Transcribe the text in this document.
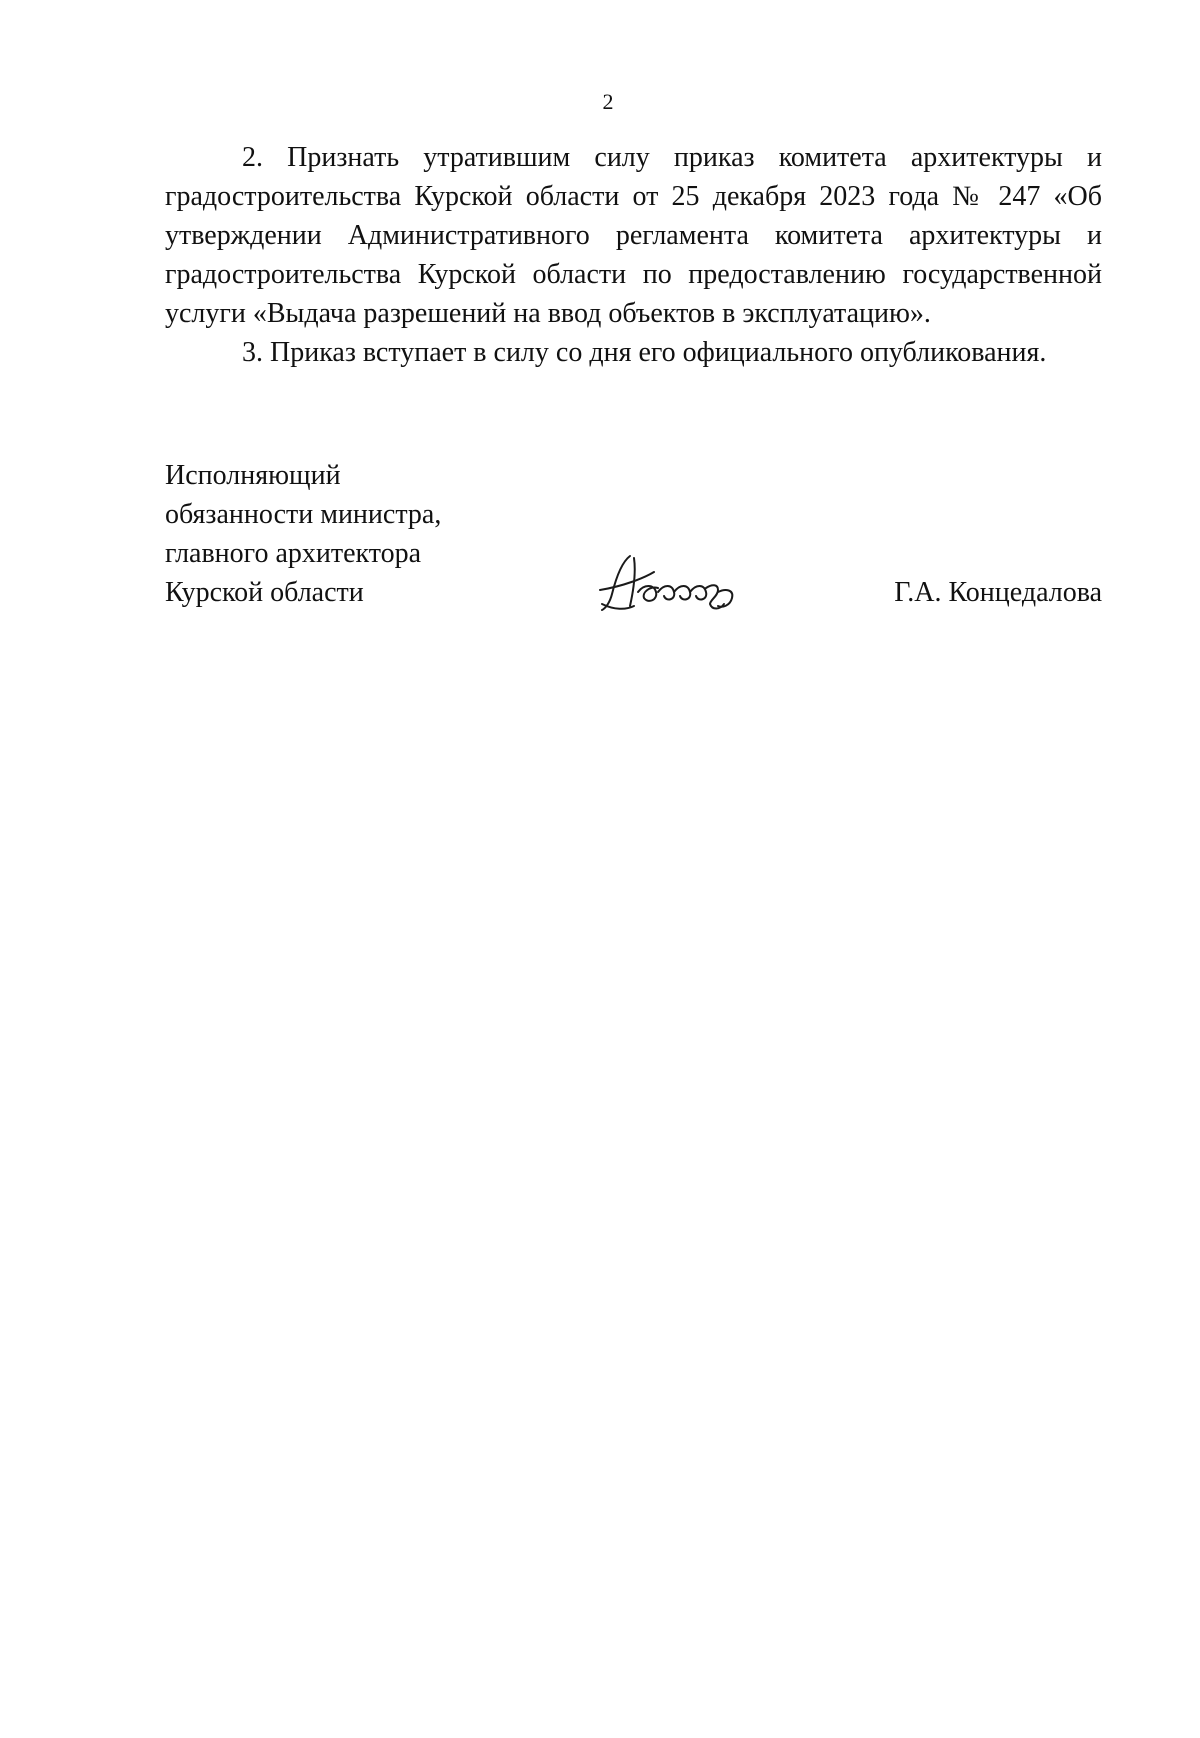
2

2. Признать утратившим силу приказ комитета архитектуры и градостроительства Курской области от 25 декабря 2023 года № 247 «Об утверждении Административного регламента комитета архитектуры и градостроительства Курской области по предоставлению государственной услуги «Выдача разрешений на ввод объектов в эксплуатацию».

3. Приказ вступает в силу со дня его официального опубликования.

Исполняющий
обязанности министра,
главного архитектора
Курской области	Г.А. Концедалова
